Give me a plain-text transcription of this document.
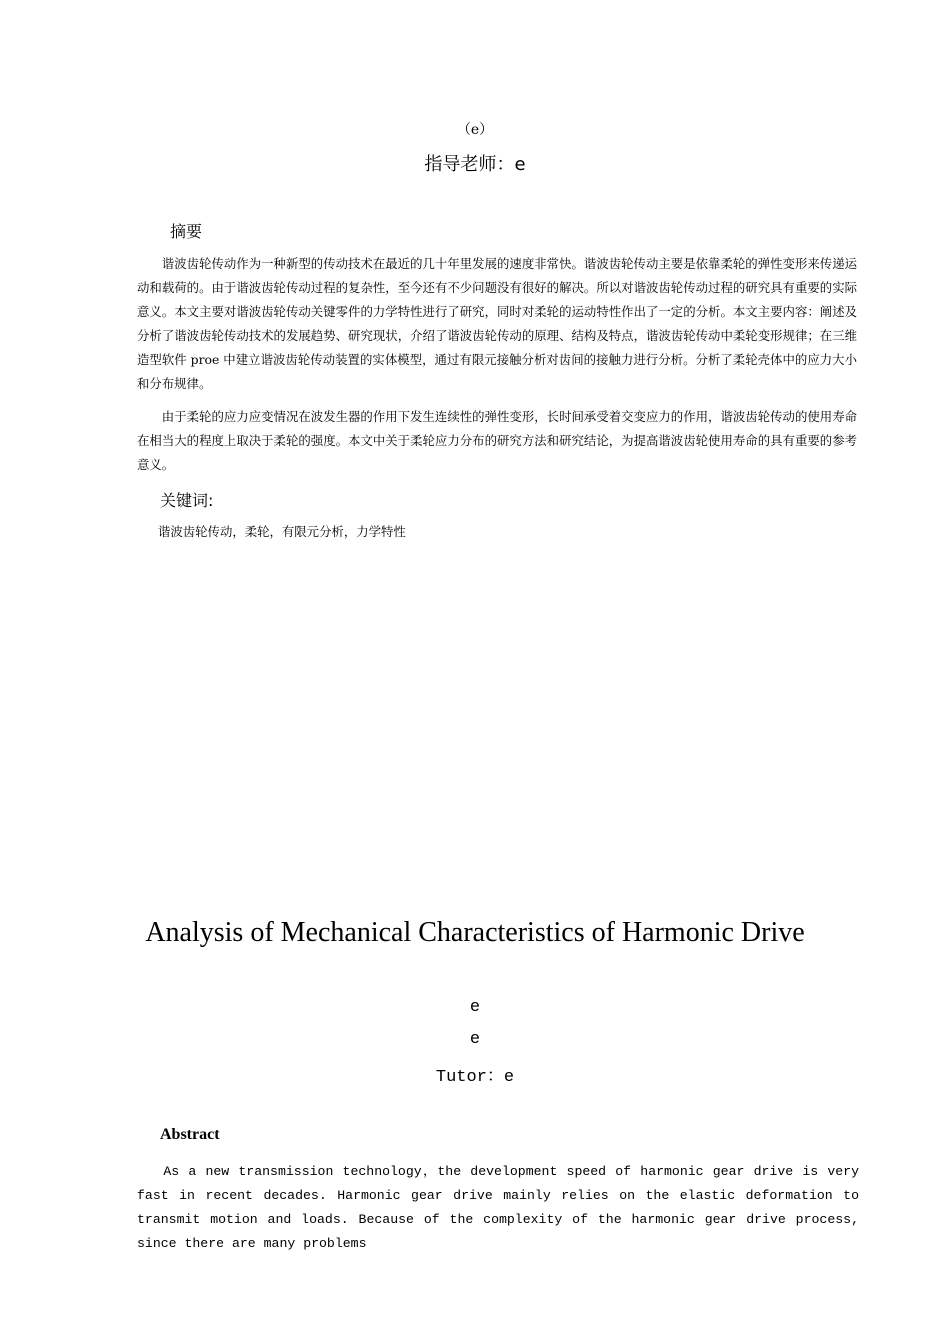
（e）
指导老师：e
摘要

谐波齿轮传动作为一种新型的传动技术在最近的几十年里发展的速度非常快。谐波齿轮传动主要是依靠柔轮的弹性变形来传递运动和载荷的。由于谐波齿轮传动过程的复杂性，至今还有不少问题没有很好的解决。所以对谐波齿轮传动过程的研究具有重要的实际意义。本文主要对谐波齿轮传动关键零件的力学特性进行了研究，同时对柔轮的运动特性作出了一定的分析。本文主要内容：阐述及分析了谐波齿轮传动技术的发展趋势、研究现状，介绍了谐波齿轮传动的原理、结构及特点，谐波齿轮传动中柔轮变形规律；在三维造型软件 proe 中建立谐波齿轮传动装置的实体模型，通过有限元接触分析对齿间的接触力进行分析。分析了柔轮壳体中的应力大小和分布规律。

由于柔轮的应力应变情况在波发生器的作用下发生连续性的弹性变形，长时间承受着交变应力的作用，谐波齿轮传动的使用寿命在相当大的程度上取决于柔轮的强度。本文中关于柔轮应力分布的研究方法和研究结论，为提高谐波齿轮使用寿命的具有重要的参考意义。

关键词:
谐波齿轮传动，柔轮，有限元分析，力学特性
Analysis of Mechanical Characteristics of Harmonic Drive
e
e
Tutor：e
Abstract

As a new transmission technology，the development speed of harmonic gear drive is very fast in recent decades. Harmonic gear drive mainly relies on the elastic deformation to transmit motion and loads. Because of the complexity of the harmonic gear drive process, since there are many problems
